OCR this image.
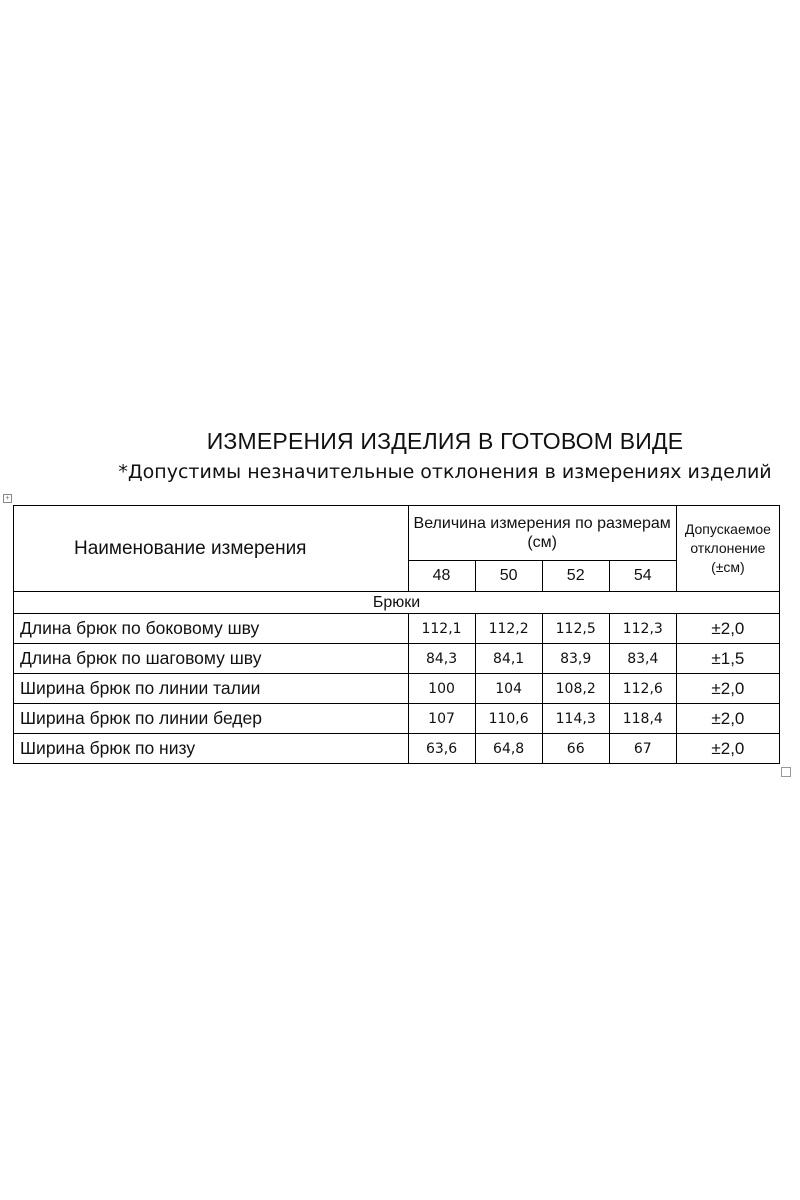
ИЗМЕРЕНИЯ ИЗДЕЛИЯ В ГОТОВОМ ВИДЕ
*Допустимы незначительные отклонения в измерениях изделий
+
Наименование измерения	Величина измерения по размерам (см)				Допускаемое отклонение (±см)
	48	50	52	54	
Брюки					
Длина брюк по боковому шву	112,1	112,2	112,5	112,3	±2,0
Длина брюк по шаговому шву	84,3	84,1	83,9	83,4	±1,5
Ширина брюк по линии талии	100	104	108,2	112,6	±2,0
Ширина брюк по линии бедер	107	110,6	114,3	118,4	±2,0
Ширина брюк по низу	63,6	64,8	66	67	±2,0
